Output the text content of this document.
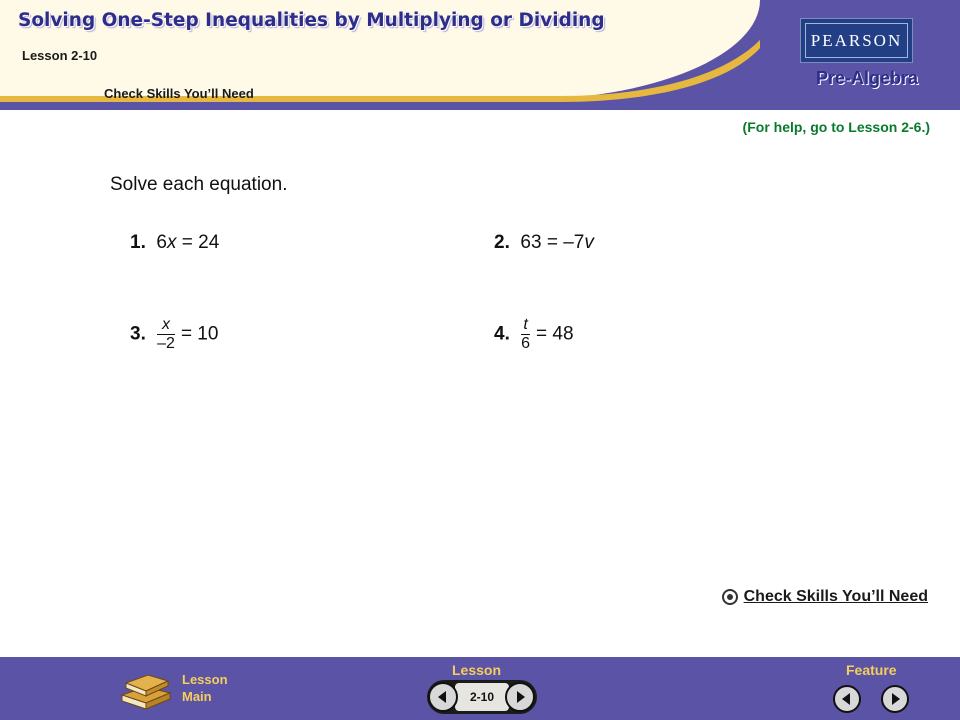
Solving One-Step Inequalities by Multiplying or Dividing
Lesson 2-10
Check Skills You’ll Need
PEARSON
Pre-Algebra
(For help, go to Lesson 2-6.)
Solve each equation.
1. 6x = 24	2. 63 = –7v
3. $\frac{x}{-2} = 10$	4. $\frac{t}{6} = 48$
Check Skills You’ll Need
Lesson
Main
Lesson
2-10
Feature
